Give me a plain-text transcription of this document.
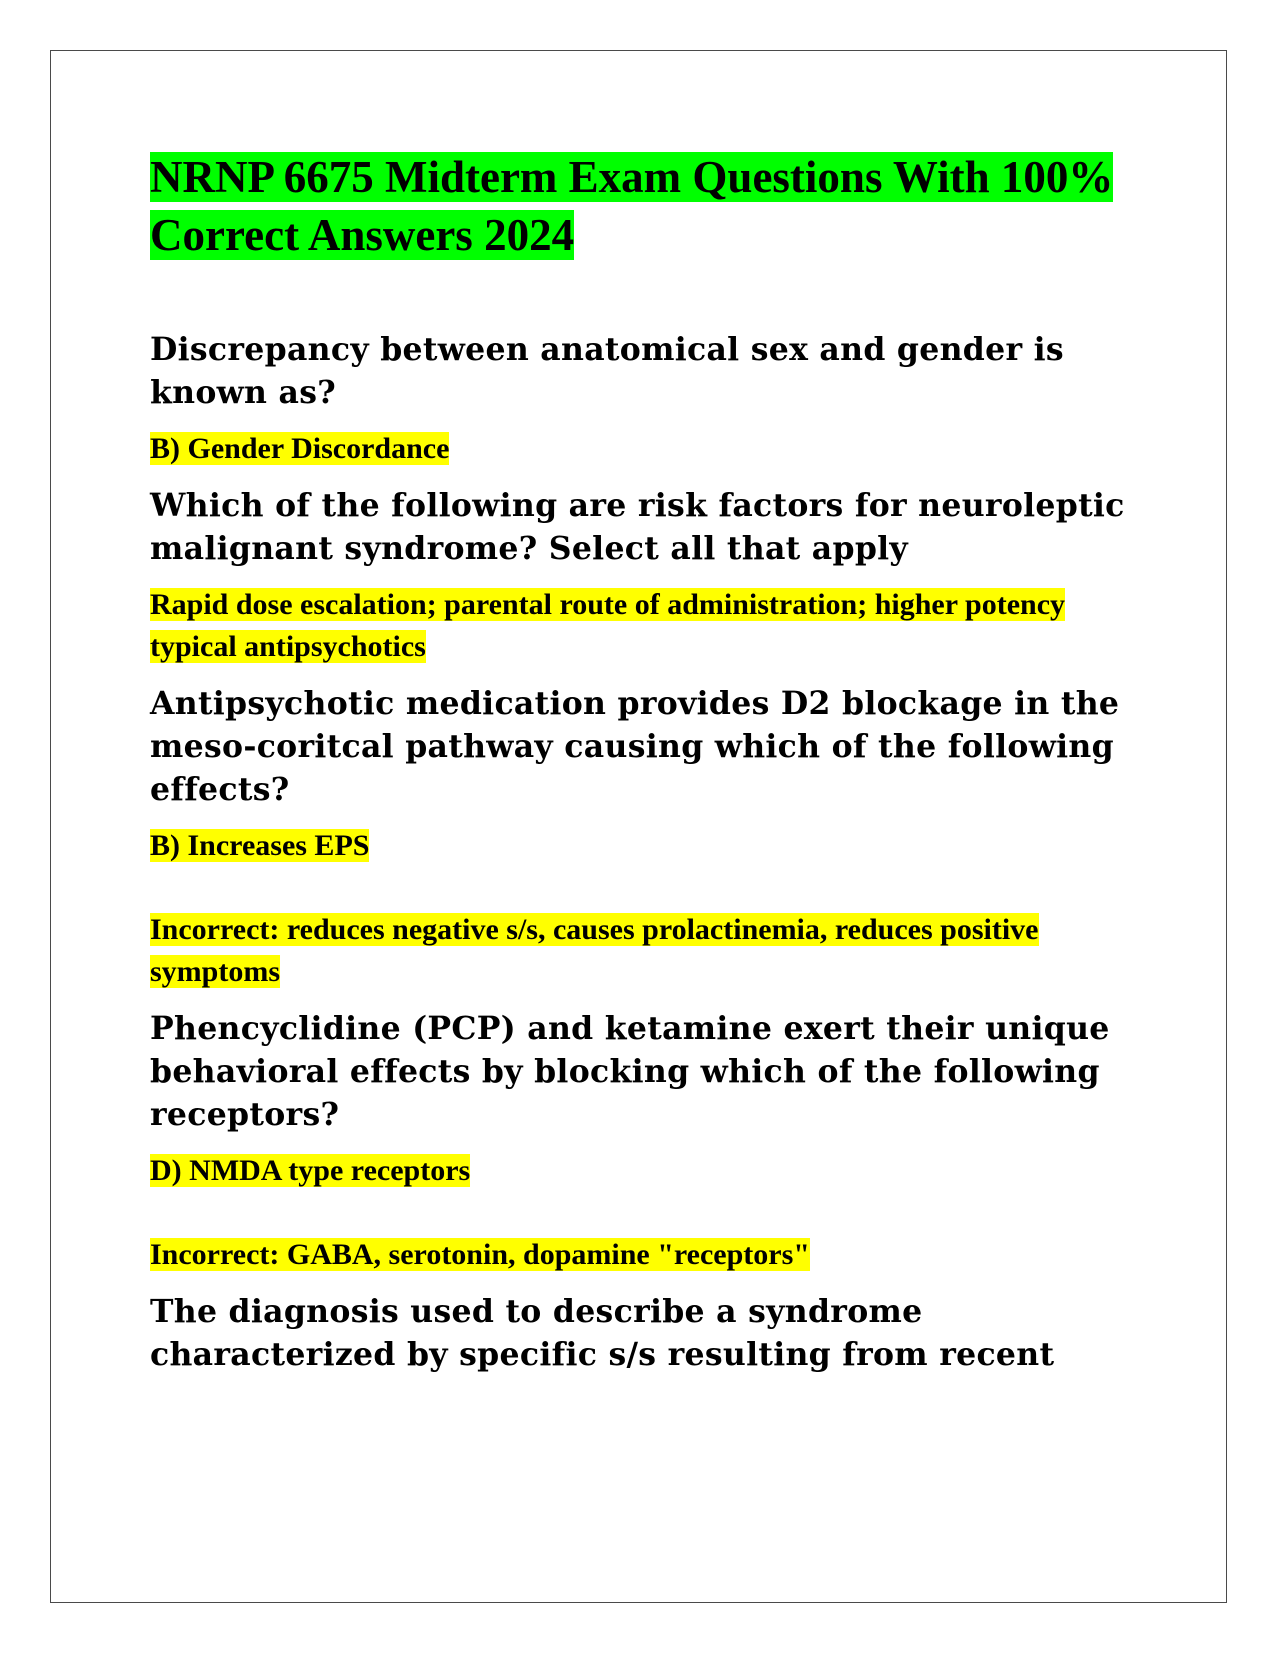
NRNP 6675 Midterm Exam Questions With 100% Correct Answers 2024

Discrepancy between anatomical sex and gender is known as?

B) Gender Discordance

Which of the following are risk factors for neuroleptic malignant syndrome? Select all that apply

Rapid dose escalation; parental route of administration; higher potency typical antipsychotics

Antipsychotic medication provides D2 blockage in the meso-coritcal pathway causing which of the following effects?

B) Increases EPS

Incorrect: reduces negative s/s, causes prolactinemia, reduces positive symptoms

Phencyclidine (PCP) and ketamine exert their unique behavioral effects by blocking which of the following receptors?

D) NMDA type receptors

Incorrect: GABA, serotonin, dopamine "receptors"

The diagnosis used to describe a syndrome characterized by specific s/s resulting from recent
